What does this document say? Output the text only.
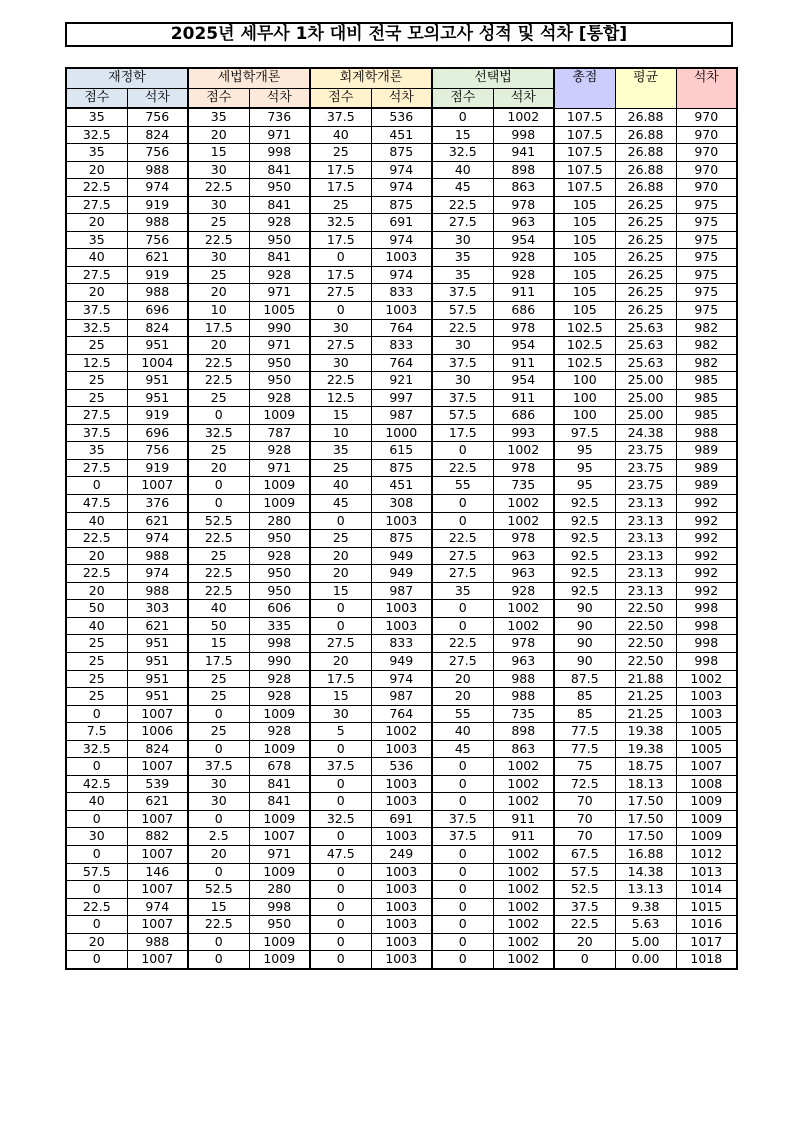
2025년 세무사 1차 대비 전국 모의고사 성적 및 석차 [통합]
재정학		세법학개론		회계학개론		선택법		총점	평균	석차
점수	석차	점수	석차	점수	석차	점수	석차			
35	756	35	736	37.5	536	0	1002	107.5	26.88	970
32.5	824	20	971	40	451	15	998	107.5	26.88	970
35	756	15	998	25	875	32.5	941	107.5	26.88	970
20	988	30	841	17.5	974	40	898	107.5	26.88	970
22.5	974	22.5	950	17.5	974	45	863	107.5	26.88	970
27.5	919	30	841	25	875	22.5	978	105	26.25	975
20	988	25	928	32.5	691	27.5	963	105	26.25	975
35	756	22.5	950	17.5	974	30	954	105	26.25	975
40	621	30	841	0	1003	35	928	105	26.25	975
27.5	919	25	928	17.5	974	35	928	105	26.25	975
20	988	20	971	27.5	833	37.5	911	105	26.25	975
37.5	696	10	1005	0	1003	57.5	686	105	26.25	975
32.5	824	17.5	990	30	764	22.5	978	102.5	25.63	982
25	951	20	971	27.5	833	30	954	102.5	25.63	982
12.5	1004	22.5	950	30	764	37.5	911	102.5	25.63	982
25	951	22.5	950	22.5	921	30	954	100	25.00	985
25	951	25	928	12.5	997	37.5	911	100	25.00	985
27.5	919	0	1009	15	987	57.5	686	100	25.00	985
37.5	696	32.5	787	10	1000	17.5	993	97.5	24.38	988
35	756	25	928	35	615	0	1002	95	23.75	989
27.5	919	20	971	25	875	22.5	978	95	23.75	989
0	1007	0	1009	40	451	55	735	95	23.75	989
47.5	376	0	1009	45	308	0	1002	92.5	23.13	992
40	621	52.5	280	0	1003	0	1002	92.5	23.13	992
22.5	974	22.5	950	25	875	22.5	978	92.5	23.13	992
20	988	25	928	20	949	27.5	963	92.5	23.13	992
22.5	974	22.5	950	20	949	27.5	963	92.5	23.13	992
20	988	22.5	950	15	987	35	928	92.5	23.13	992
50	303	40	606	0	1003	0	1002	90	22.50	998
40	621	50	335	0	1003	0	1002	90	22.50	998
25	951	15	998	27.5	833	22.5	978	90	22.50	998
25	951	17.5	990	20	949	27.5	963	90	22.50	998
25	951	25	928	17.5	974	20	988	87.5	21.88	1002
25	951	25	928	15	987	20	988	85	21.25	1003
0	1007	0	1009	30	764	55	735	85	21.25	1003
7.5	1006	25	928	5	1002	40	898	77.5	19.38	1005
32.5	824	0	1009	0	1003	45	863	77.5	19.38	1005
0	1007	37.5	678	37.5	536	0	1002	75	18.75	1007
42.5	539	30	841	0	1003	0	1002	72.5	18.13	1008
40	621	30	841	0	1003	0	1002	70	17.50	1009
0	1007	0	1009	32.5	691	37.5	911	70	17.50	1009
30	882	2.5	1007	0	1003	37.5	911	70	17.50	1009
0	1007	20	971	47.5	249	0	1002	67.5	16.88	1012
57.5	146	0	1009	0	1003	0	1002	57.5	14.38	1013
0	1007	52.5	280	0	1003	0	1002	52.5	13.13	1014
22.5	974	15	998	0	1003	0	1002	37.5	9.38	1015
0	1007	22.5	950	0	1003	0	1002	22.5	5.63	1016
20	988	0	1009	0	1003	0	1002	20	5.00	1017
0	1007	0	1009	0	1003	0	1002	0	0.00	1018
